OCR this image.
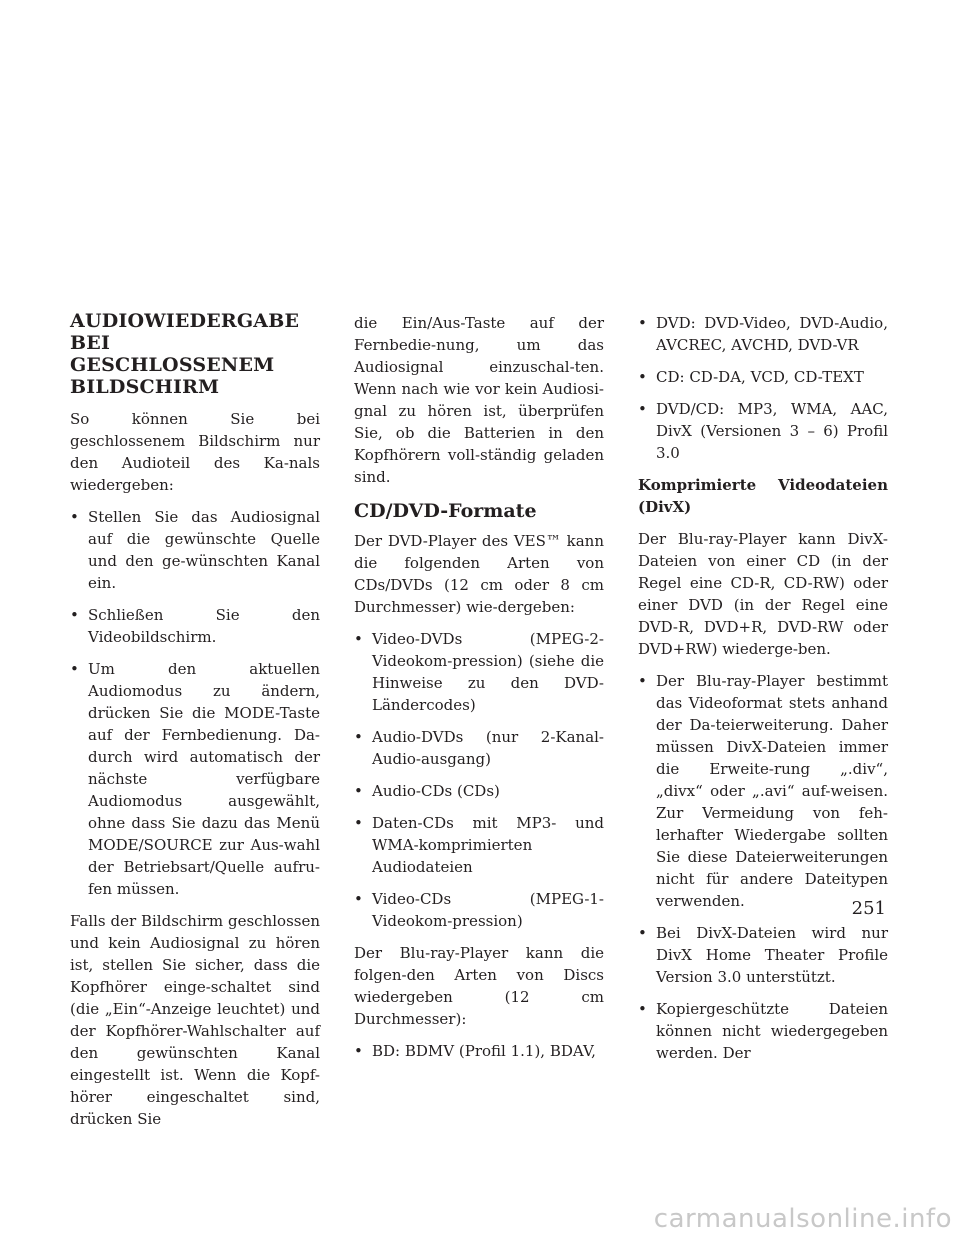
AUDIOWIEDERGABE BEI GESCHLOSSENEM BILDSCHIRM

So können Sie bei geschlossenem Bildschirm nur den Audioteil des Ka-nals wiedergeben:

• Stellen Sie das Audiosignal auf die gewünschte Quelle und den ge-wünschten Kanal ein.
• Schließen Sie den Videobildschirm.
• Um den aktuellen Audiomodus zu ändern, drücken Sie die MODE-Taste auf der Fernbedienung. Da-durch wird automatisch der nächste verfügbare Audiomodus ausgewählt, ohne dass Sie dazu das Menü MODE/SOURCE zur Aus-wahl der Betriebsart/Quelle aufru-fen müssen.

Falls der Bildschirm geschlossen und kein Audiosignal zu hören ist, stellen Sie sicher, dass die Kopfhörer einge-schaltet sind (die „Ein“-Anzeige leuchtet) und der Kopfhörer-Wahlschalter auf den gewünschten Kanal eingestellt ist. Wenn die Kopf-hörer eingeschaltet sind, drücken Sie

die Ein/Aus-Taste auf der Fernbedie-nung, um das Audiosignal einzuschal-ten. Wenn nach wie vor kein Audiosi-gnal zu hören ist, überprüfen Sie, ob die Batterien in den Kopfhörern voll-ständig geladen sind.

CD/DVD-Formate

Der DVD-Player des VES™ kann die folgenden Arten von CDs/DVDs (12 cm oder 8 cm Durchmesser) wie-dergeben:

• Video-DVDs (MPEG-2-Videokom-pression) (siehe die Hinweise zu den DVD-Ländercodes)
• Audio-DVDs (nur 2-Kanal-Audio-ausgang)
• Audio-CDs (CDs)
• Daten-CDs mit MP3- und WMA-komprimierten Audiodateien
• Video-CDs (MPEG-1-Videokom-pression)

Der Blu-ray-Player kann die folgen-den Arten von Discs wiedergeben (12 cm Durchmesser):

• BD: BDMV (Profil 1.1), BDAV,
• DVD: DVD-Video, DVD-Audio, AVCREC, AVCHD, DVD-VR
• CD: CD-DA, VCD, CD-TEXT
• DVD/CD: MP3, WMA, AAC, DivX (Versionen 3 – 6) Profil 3.0
Komprimierte Videodateien (DivX)

Der Blu-ray-Player kann DivX-Dateien von einer CD (in der Regel eine CD-R, CD-RW) oder einer DVD (in der Regel eine DVD-R, DVD+R, DVD-RW oder DVD+RW) wiederge-ben.

• Der Blu-ray-Player bestimmt das Videoformat stets anhand der Da-teierweiterung. Daher müssen DivX-Dateien immer die Erweite-rung „.div“, „divx“ oder „.avi“ auf-weisen. Zur Vermeidung von feh-lerhafter Wiedergabe sollten Sie diese Dateierweiterungen nicht für andere Dateitypen verwenden.
• Bei DivX-Dateien wird nur DivX Home Theater Profile Version 3.0 unterstützt.
• Kopiergeschützte Dateien können nicht wiedergegeben werden. Der
251
carmanualsonline.info
